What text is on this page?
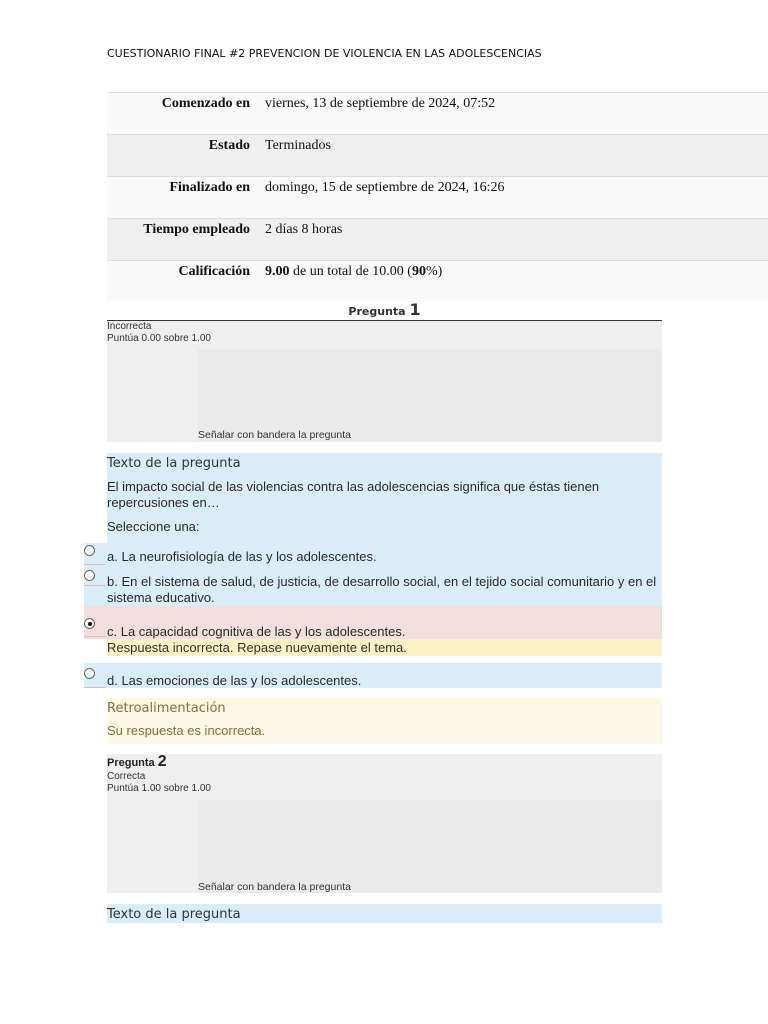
CUESTIONARIO FINAL #2 PREVENCION DE VIOLENCIA EN LAS ADOLESCENCIAS
Comenzado en	viernes, 13 de septiembre de 2024, 07:52
Estado	Terminados
Finalizado en	domingo, 15 de septiembre de 2024, 16:26
Tiempo empleado	2 días 8 horas
Calificación	9.00 de un total de 10.00 (90%)
Pregunta 1
Incorrecta
Puntúa 0.00 sobre 1.00
Señalar con bandera la pregunta
Texto de la pregunta
El impacto social de las violencias contra las adolescencias significa que éstas tienen repercusiones en…
Seleccione una:
a. La neurofisiología de las y los adolescentes.
b. En el sistema de salud, de justicia, de desarrollo social, en el tejido social comunitario y en el sistema educativo.
c. La capacidad cognitiva de las y los adolescentes.
Respuesta incorrecta. Repase nuevamente el tema.
d. Las emociones de las y los adolescentes.
Retroalimentación
Su respuesta es incorrecta.
Pregunta 2
Correcta
Puntúa 1.00 sobre 1.00
Señalar con bandera la pregunta
Texto de la pregunta
